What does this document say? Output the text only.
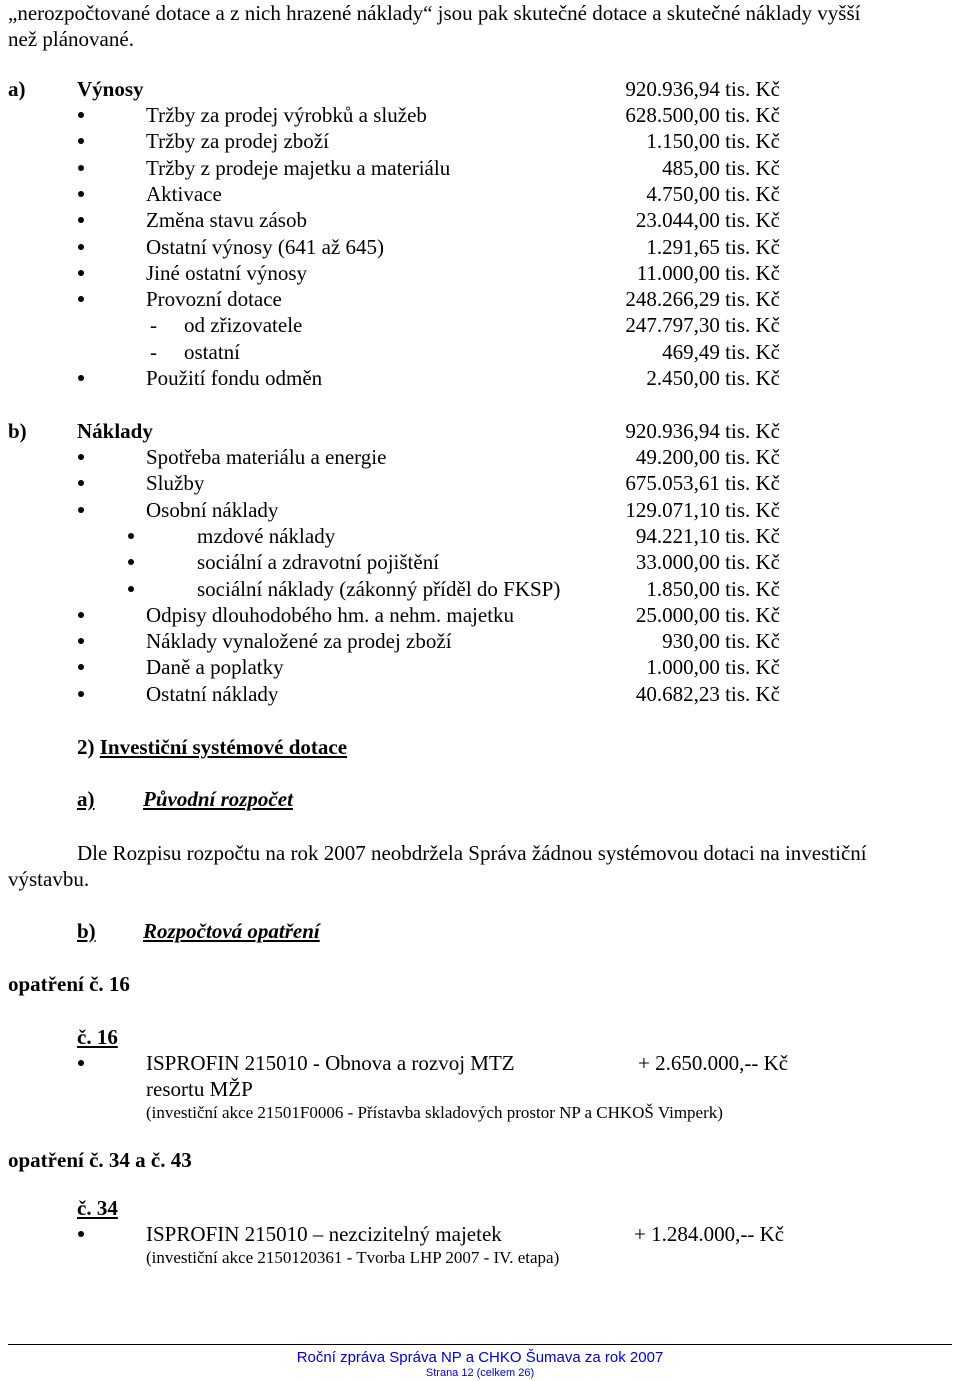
„nerozpočtované dotace a z nich hrazené náklady“ jsou pak skutečné dotace a skutečné náklady vyšší
než plánované.
a) Výnosy	920.936,94 tis. Kč
Tržby za prodej výrobků a služeb	628.500,00 tis. Kč
Tržby za prodej zboží	1.150,00 tis. Kč
Tržby z prodeje majetku a materiálu	485,00 tis. Kč
Aktivace	4.750,00 tis. Kč
Změna stavu zásob	23.044,00 tis. Kč
Ostatní výnosy (641 až 645)	1.291,65 tis. Kč
Jiné ostatní výnosy	11.000,00 tis. Kč
Provozní dotace	248.266,29 tis. Kč
- od zřizovatele	247.797,30 tis. Kč
- ostatní	469,49 tis. Kč
Použití fondu odměn	2.450,00 tis. Kč
b) Náklady	920.936,94 tis. Kč
Spotřeba materiálu a energie	49.200,00 tis. Kč
Služby	675.053,61 tis. Kč
Osobní náklady	129.071,10 tis. Kč
mzdové náklady	94.221,10 tis. Kč
sociální a zdravotní pojištění	33.000,00 tis. Kč
sociální náklady (zákonný příděl do FKSP)	1.850,00 tis. Kč
Odpisy dlouhodobého hm. a nehm. majetku	25.000,00 tis. Kč
Náklady vynaložené za prodej zboží	930,00 tis. Kč
Daně a poplatky	1.000,00 tis. Kč
Ostatní náklady	40.682,23 tis. Kč
2) Investiční systémové dotace
a) Původní rozpočet
Dle Rozpisu rozpočtu na rok 2007 neobdržela Správa žádnou systémovou dotaci na investiční
výstavbu.
b) Rozpočtová opatření
opatření č. 16
č. 16
ISPROFIN 215010 - Obnova a rozvoj MTZ	+ 2.650.000,-- Kč
resortu MŽP
(investiční akce 21501F0006 - Přístavba skladových prostor NP a CHKOŠ Vimperk)
opatření č. 34 a č. 43
č. 34
ISPROFIN 215010 – nezcizitelný majetek	+ 1.284.000,-- Kč
(investiční akce 2150120361 - Tvorba LHP 2007 - IV. etapa)
Roční zpráva Správa NP a CHKO Šumava za rok 2007
Strana 12 (celkem 26)
